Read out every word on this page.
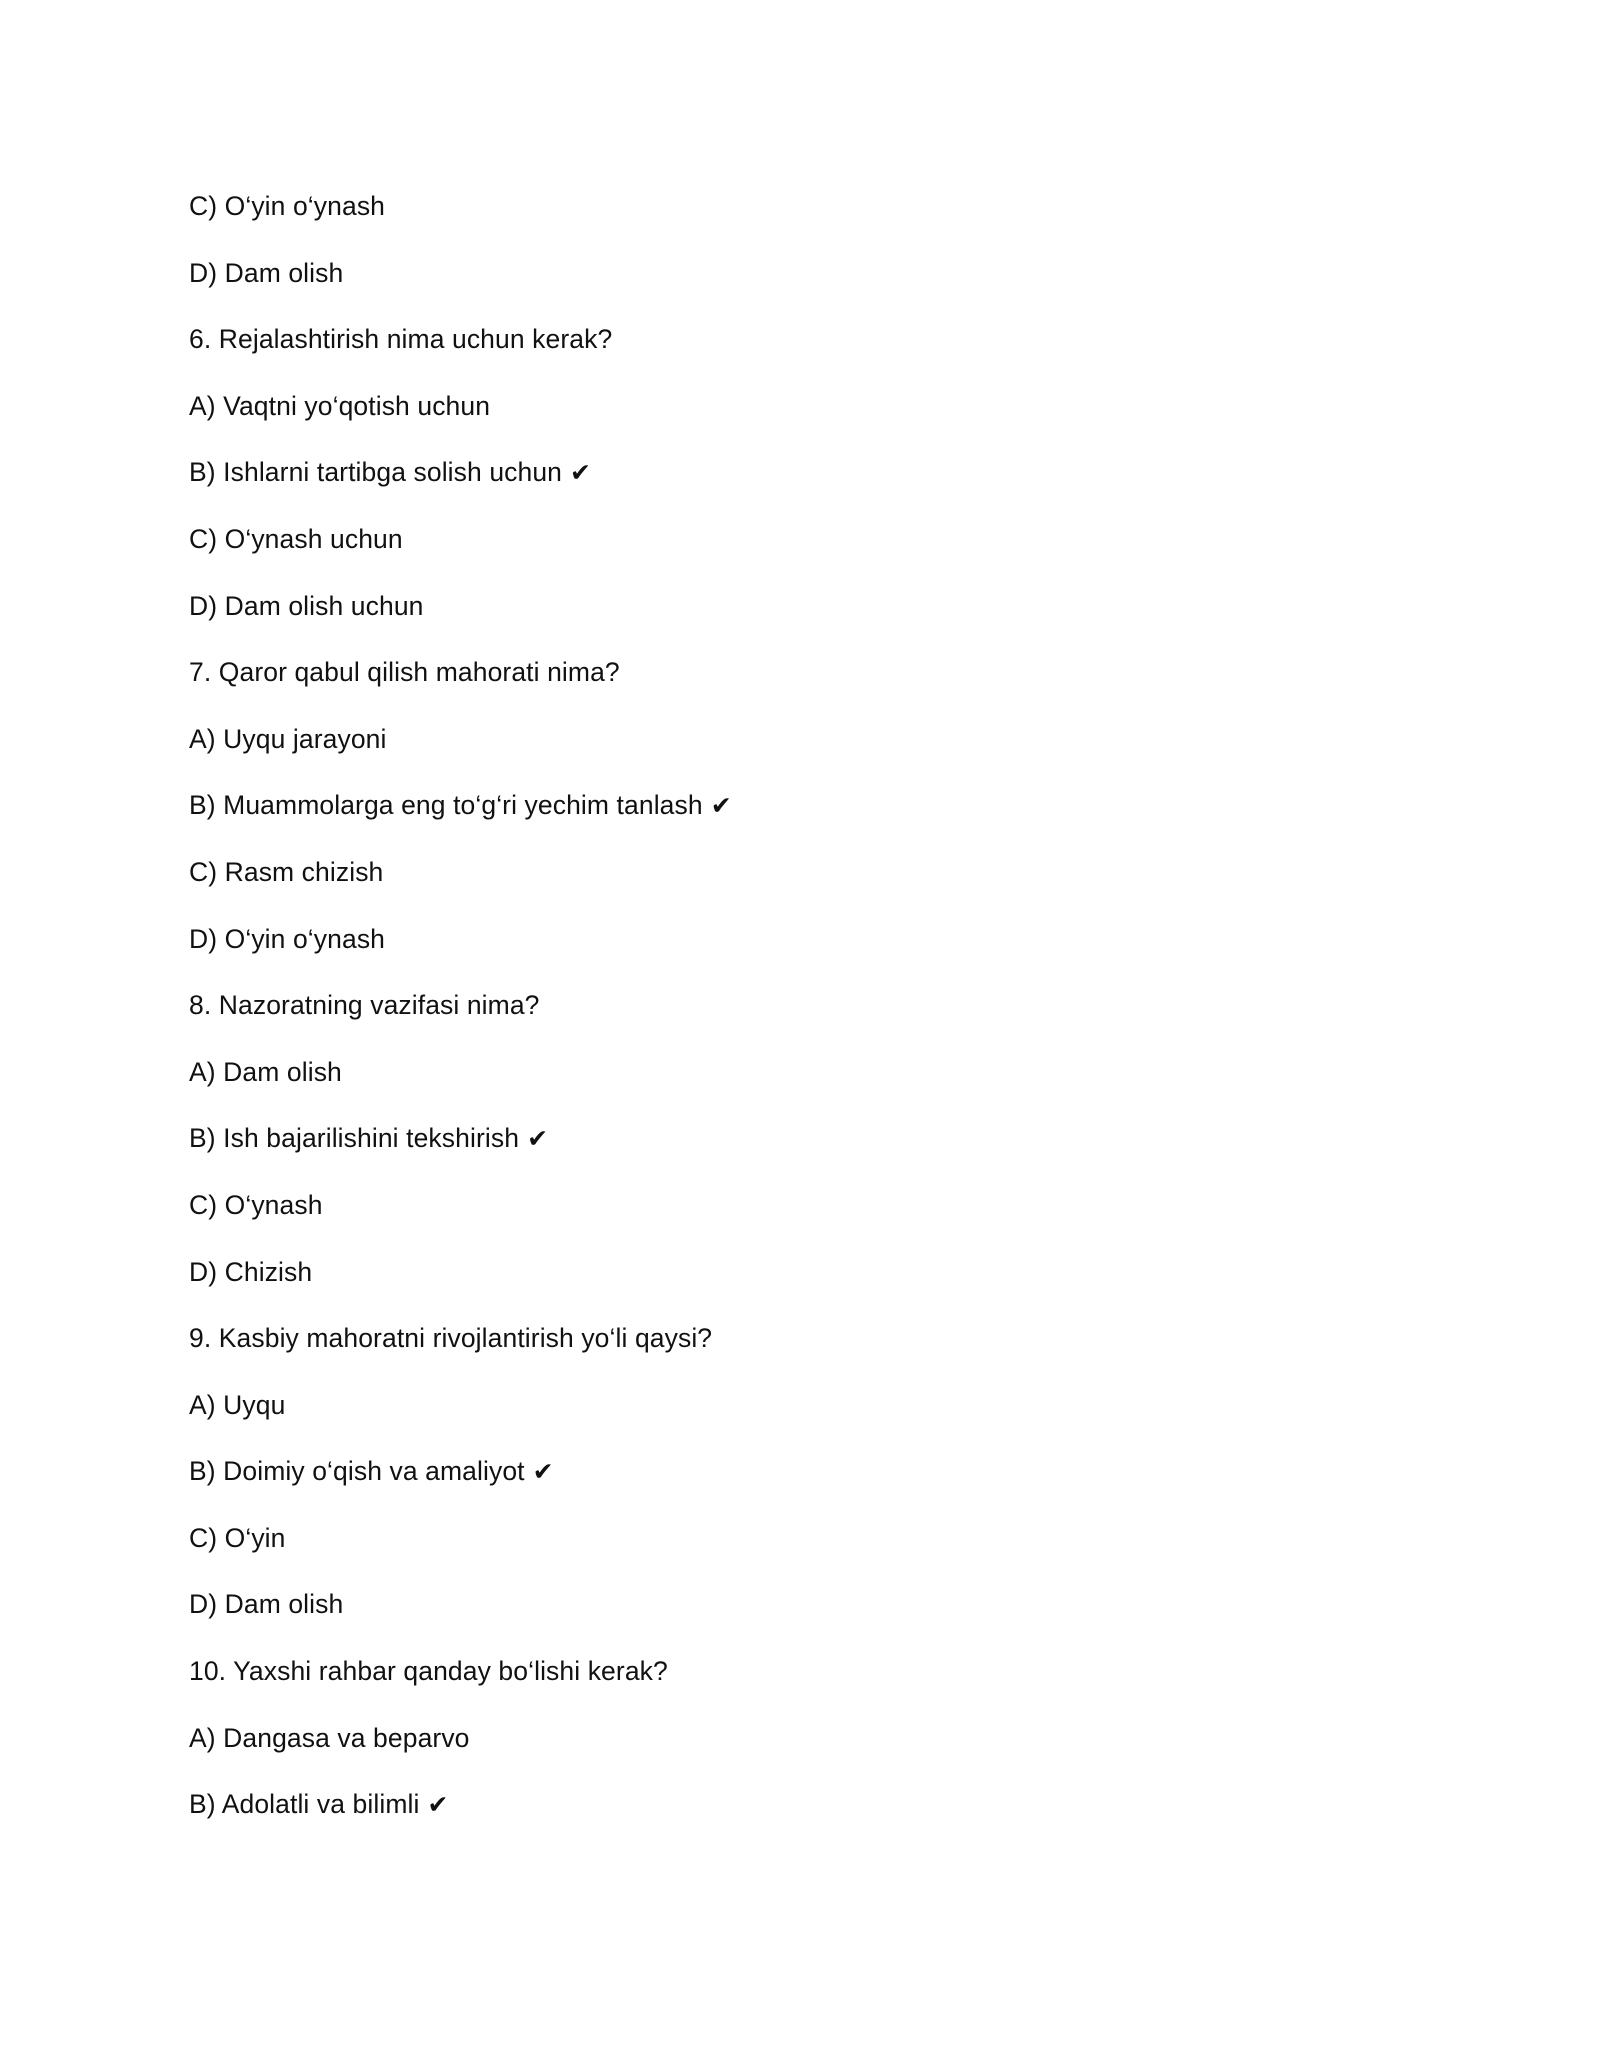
C) O‘yin o‘ynash
D) Dam olish
6. Rejalashtirish nima uchun kerak?
A) Vaqtni yo‘qotish uchun
B) Ishlarni tartibga solish uchun ✔
C) O‘ynash uchun
D) Dam olish uchun
7. Qaror qabul qilish mahorati nima?
A) Uyqu jarayoni
B) Muammolarga eng to‘g‘ri yechim tanlash ✔
C) Rasm chizish
D) O‘yin o‘ynash
8. Nazoratning vazifasi nima?
A) Dam olish
B) Ish bajarilishini tekshirish ✔
C) O‘ynash
D) Chizish
9. Kasbiy mahoratni rivojlantirish yo‘li qaysi?
A) Uyqu
B) Doimiy o‘qish va amaliyot ✔
C) O‘yin
D) Dam olish
10. Yaxshi rahbar qanday bo‘lishi kerak?
A) Dangasa va beparvo
B) Adolatli va bilimli ✔
